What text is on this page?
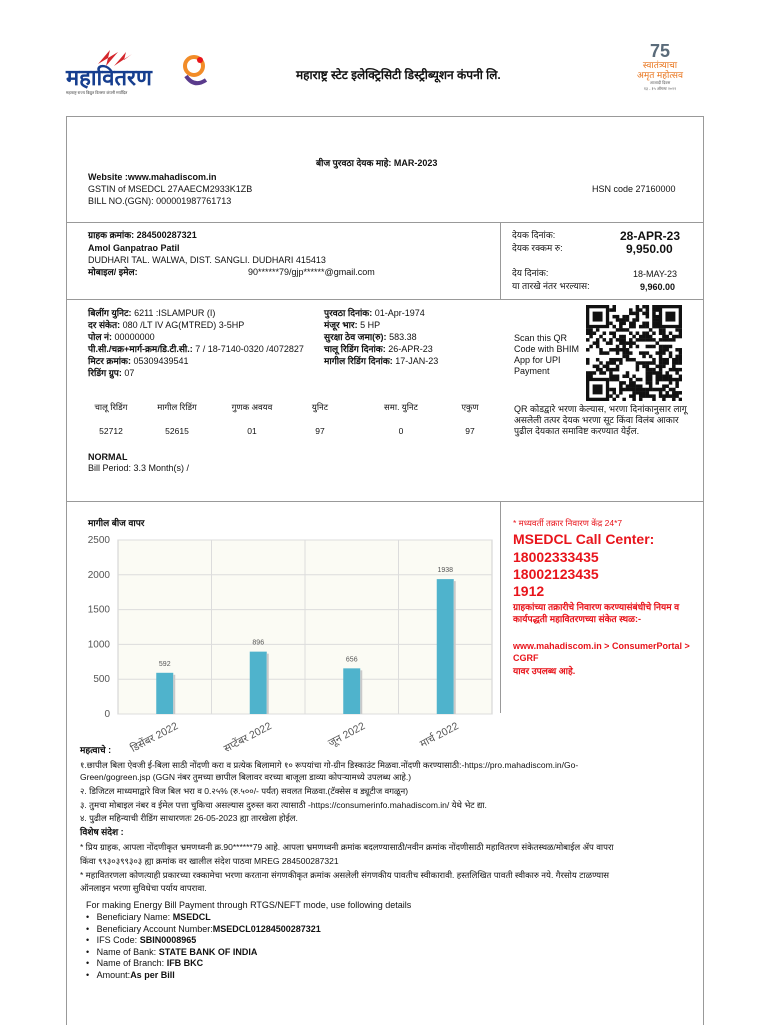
महावितरण
महाराष्ट्र राज्य विद्युत वितरण कंपनी मर्यादित
महाराष्ट्र स्टेट इलेक्ट्रिसिटी डिस्ट्रीब्यूशन कंपनी लि.
75
स्वातंत्र्याचा
अमृत महोत्सव
आजादी दिवस
१३ - १५ ऑगस्ट २०२२
बीज पुरवठा देयक माहे: MAR-2023
Website :www.mahadiscom.in
GSTIN of MSEDCL 27AAECM2933K1ZB
BILL NO.(GGN): 000001987761713
HSN code 27160000
ग्राहक क्रमांक: 284500287321
Amol Ganpatrao Patil
DUDHARI TAL. WALWA, DIST. SANGLI. DUDHARI 415413
मोबाइल/ इमेल:	90******79/gjp******@gmail.com
देयक दिनांक:	28-APR-23
देयक रक्कम रु:	9,950.00
देय दिनांक:	18-MAY-23
या तारखे नंतर भरल्यास:	9,960.00
बिलींग युनिट: 6211 :ISLAMPUR (I)
दर संकेत: 080 /LT IV AG(MTRED) 3-5HP
पोल नं: 00000000
पी.सी./चक्र+मार्ग-क्रम/डि.टी.सी.: 7 / 18-7140-0320 /4072827
मिटर क्रमांक: 05309439541
रिडिंग ग्रुप: 07
पुरवठा दिनांक: 01-Apr-1974
मंजूर भार: 5 HP
सुरक्षा ठेव जमा(रु): 583.38
चालू रिडिंग दिनांक: 26-APR-23
मागील रिडिंग दिनांक: 17-JAN-23
चालू रिडिंग	मागील रिडिंग	गुणक अवयव	युनिट	समा. युनिट	एकुण
52712	52615	01	97	0	97
NORMAL
Bill Period: 3.3 Month(s) /
Scan this QR Code with BHIM App for UPI Payment
QR कोडद्वारे भरणा केल्यास, भरणा दिनांकानुसार लागू असलेली तत्पर देयक भरणा सूट किंवा विलंब आकार पुढील देयकात समाविष्ट करण्यात येईल.
मागील बीज वापर
0
500
1000
1500
2000
2500
592
डिसेंबर 2022
896
सप्टेंबर 2022
656
जून 2022
1938
मार्च 2022
* मध्यवर्ती तक्रार निवारण केंद्र 24*7
MSEDCL Call Center:
18002333435
18002123435
1912
ग्राहकांच्या तक्रारीचे निवारण करण्यासंबंधीचे नियम व कार्यपद्धती महावितरणच्या संकेत स्थळ:-
www.mahadiscom.in > ConsumerPortal > CGRF
यावर उपलब्ध आहे.
महत्वाचे :
१.छापील बिला ऐवजी ई-बिला साठी नोंदणी करा व प्रत्येक बिलामागे १० रूपयांचा गो-ग्रीन डिस्काउंट मिळवा.नोंदणी करण्यासाठी:-https://pro.mahadiscom.in/Go-
Green/gogreen.jsp (GGN नंबर तुमच्या छापील बिलावर वरच्या बाजूला डाव्या कोपऱ्यामध्ये उपलब्ध आहे.)
२. डिजिटल माध्यमाद्वारे विज बिल भरा व 0.२५% (रु.५००/- पर्यंत) सवलत मिळवा.(टॅक्सेस व ड्यूटीज वगळून)
३. तुमचा मोबाइल नंबर व ईमेल पत्ता चुकिचा असल्यास दुरुस्त करा त्यासाठी -https://consumerinfo.mahadiscom.in/ येथे भेट द्या.
४. पुढील महिन्याची रीडिंग साधारणतः 26-05-2023 ह्या तारखेला होईल.
विशेष संदेश :
* प्रिय ग्राहक, आपला नोंदणीकृत भ्रमणध्वनी क्र.90******79 आहे. आपला भ्रमणध्वनी क्रमांक बदलण्यासाठी/नवीन क्रमांक नोंदणीसाठी महावितरण संकेतस्थळ/मोबाईल ॲप वापरा
किंवा ९९३०३९९३०३ ह्या क्रमांक वर खालील संदेश पाठवा MREG 284500287321
* महावितरणला कोणत्याही प्रकारच्या रक्कामेचा भरणा करताना संगणकीकृत क्रमांक असलेली संगणकीय पावतीच स्वीकारावी. हस्तलिखित पावती स्वीकारु नये. गैरसोय टाळण्यास
ऑनलाइन भरणा सुविधेचा पर्याय वापरावा.
For making Energy Bill Payment through RTGS/NEFT mode, use following details
•   Beneficiary Name: MSEDCL
•   Beneficiary Account Number:MSEDCL01284500287321
•   IFS Code: SBIN0008965
•   Name of Bank: STATE BANK OF INDIA
•   Name of Branch: IFB BKC
•   Amount:As per Bill
